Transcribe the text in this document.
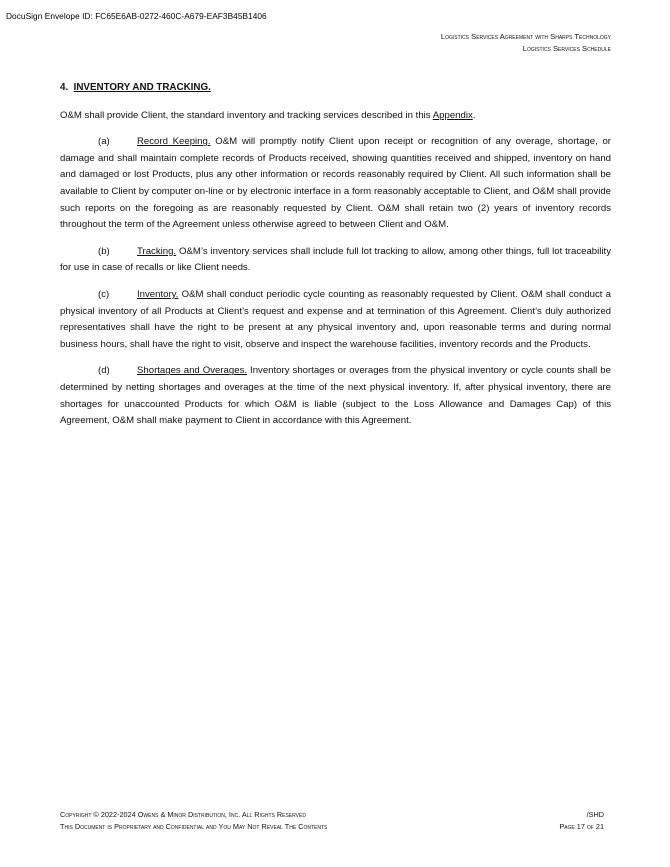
DocuSign Envelope ID: FC65E6AB-0272-460C-A679-EAF3B45B1406
Logistics Services Agreement with Sharps Technology
Logistics Services Schedule

4. INVENTORY AND TRACKING.

O&M shall provide Client, the standard inventory and tracking services described in this Appendix.

(a)	Record Keeping. O&M will promptly notify Client upon receipt or recognition of any overage, shortage, or damage and shall maintain complete records of Products received, showing quantities received and shipped, inventory on hand and damaged or lost Products, plus any other information or records reasonably required by Client. All such information shall be available to Client by computer on-line or by electronic interface in a form reasonably acceptable to Client, and O&M shall provide such reports on the foregoing as are reasonably requested by Client. O&M shall retain two (2) years of inventory records throughout the term of the Agreement unless otherwise agreed to between Client and O&M.

(b)	Tracking. O&M’s inventory services shall include full lot tracking to allow, among other things, full lot traceability for use in case of recalls or like Client needs.

(c)	Inventory. O&M shall conduct periodic cycle counting as reasonably requested by Client. O&M shall conduct a physical inventory of all Products at Client’s request and expense and at termination of this Agreement. Client’s duly authorized representatives shall have the right to be present at any physical inventory and, upon reasonable terms and during normal business hours, shall have the right to visit, observe and inspect the warehouse facilities, inventory records and the Products.

(d)	Shortages and Overages. Inventory shortages or overages from the physical inventory or cycle counts shall be determined by netting shortages and overages at the time of the next physical inventory. If, after physical inventory, there are shortages for unaccounted Products for which O&M is liable (subject to the Loss Allowance and Damages Cap) of this Agreement, O&M shall make payment to Client in accordance with this Agreement.

Copyright © 2022-2024 Owens & Minor Distribution, Inc. All Rights Reserved
This Document is Proprietary and Confidential and You May Not Reveal The Contents
/SHD
Page 17 of 21
